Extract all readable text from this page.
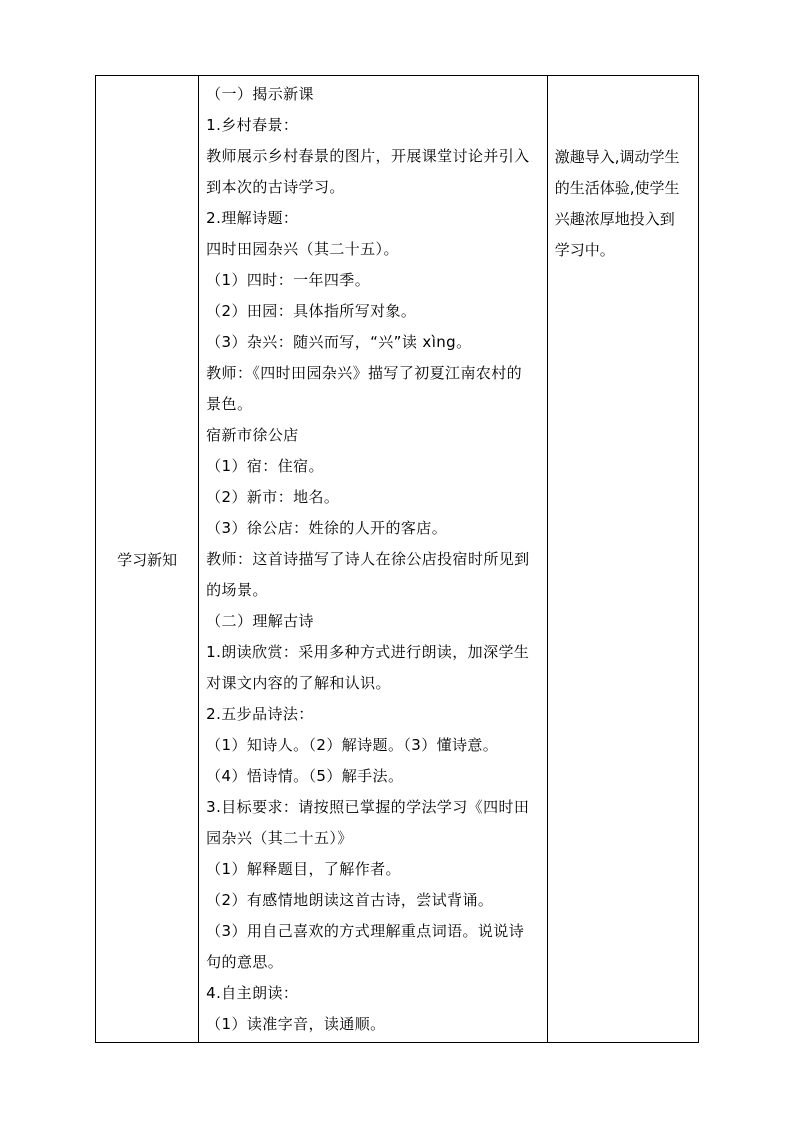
学习新知	
（一）揭示新课
1.乡村春景：
教师展示乡村春景的图片，开展课堂讨论并引入
到本次的古诗学习。
2.理解诗题：
四时田园杂兴（其二十五）。
（1）四时：一年四季。
（2）田园：具体指所写对象。
（3）杂兴：随兴而写，“兴”读 xìng。
教师：《四时田园杂兴》描写了初夏江南农村的
景色。
宿新市徐公店
（1）宿：住宿。
（2）新市：地名。
（3）徐公店：姓徐的人开的客店。
教师：这首诗描写了诗人在徐公店投宿时所见到
的场景。
（二）理解古诗
1.朗读欣赏：采用多种方式进行朗读，加深学生
对课文内容的了解和认识。
2.五步品诗法：
（1）知诗人。（2）解诗题。（3）懂诗意。
（4）悟诗情。（5）解手法。
3.目标要求：请按照已掌握的学法学习《四时田
园杂兴（其二十五）》
（1）解释题目，了解作者。
（2）有感情地朗读这首古诗，尝试背诵。
（3）用自己喜欢的方式理解重点词语。说说诗
句的意思。
4.自主朗读：
（1）读准字音，读通顺。

激趣导入,调动学生
的生活体验,使学生
兴趣浓厚地投入到
学习中。
